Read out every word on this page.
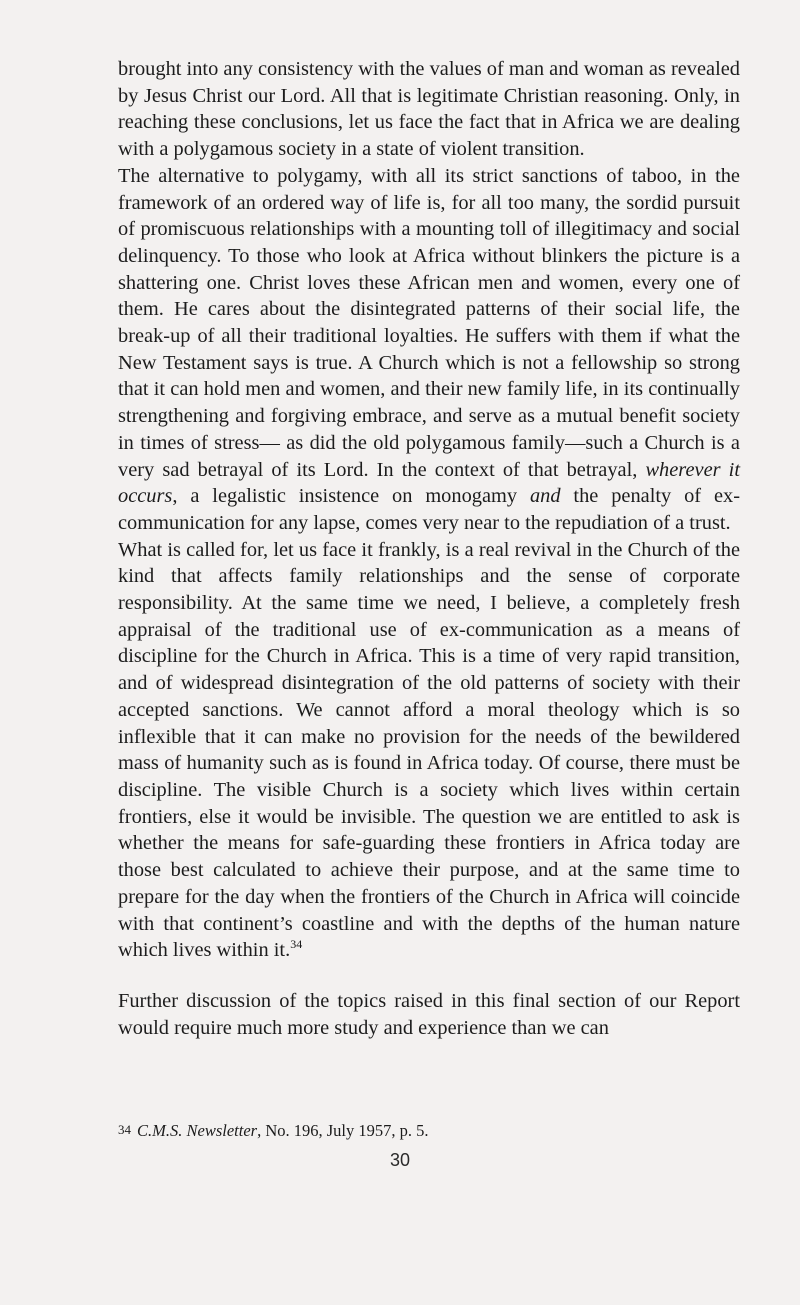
brought into any consistency with the values of man and woman as revealed by Jesus Christ our Lord. All that is legitimate Christian reasoning. Only, in reaching these conclusions, let us face the fact that in Africa we are dealing with a polygamous society in a state of violent transition.

The alternative to polygamy, with all its strict sanctions of taboo, in the framework of an ordered way of life is, for all too many, the sordid pursuit of promiscuous relationships with a mounting toll of illegitimacy and social delinquency. To those who look at Africa without blinkers the picture is a shattering one. Christ loves these African men and women, every one of them. He cares about the disintegrated patterns of their social life, the break-up of all their traditional loyalties. He suffers with them if what the New Testament says is true. A Church which is not a fellowship so strong that it can hold men and women, and their new family life, in its continually strengthening and forgiving embrace, and serve as a mutual benefit society in times of stress— as did the old polygamous family—such a Church is a very sad betrayal of its Lord. In the context of that betrayal, wherever it occurs, a legalistic insistence on monogamy and the penalty of ex-communication for any lapse, comes very near to the repudiation of a trust.

What is called for, let us face it frankly, is a real revival in the Church of the kind that affects family relationships and the sense of corporate responsibility. At the same time we need, I believe, a completely fresh appraisal of the traditional use of ex-communication as a means of discipline for the Church in Africa. This is a time of very rapid transition, and of widespread disintegration of the old patterns of society with their accepted sanctions. We cannot afford a moral theology which is so inflexible that it can make no provision for the needs of the bewildered mass of humanity such as is found in Africa today. Of course, there must be discipline. The visible Church is a society which lives within certain frontiers, else it would be invisible. The question we are entitled to ask is whether the means for safe-guarding these frontiers in Africa today are those best calculated to achieve their purpose, and at the same time to prepare for the day when the frontiers of the Church in Africa will coincide with that continent’s coastline and with the depths of the human nature which lives within it.$^{34}$

Further discussion of the topics raised in this final section of our Report would require much more study and experience than we can

34 C.M.S. Newsletter, No. 196, July 1957, p. 5.
30
